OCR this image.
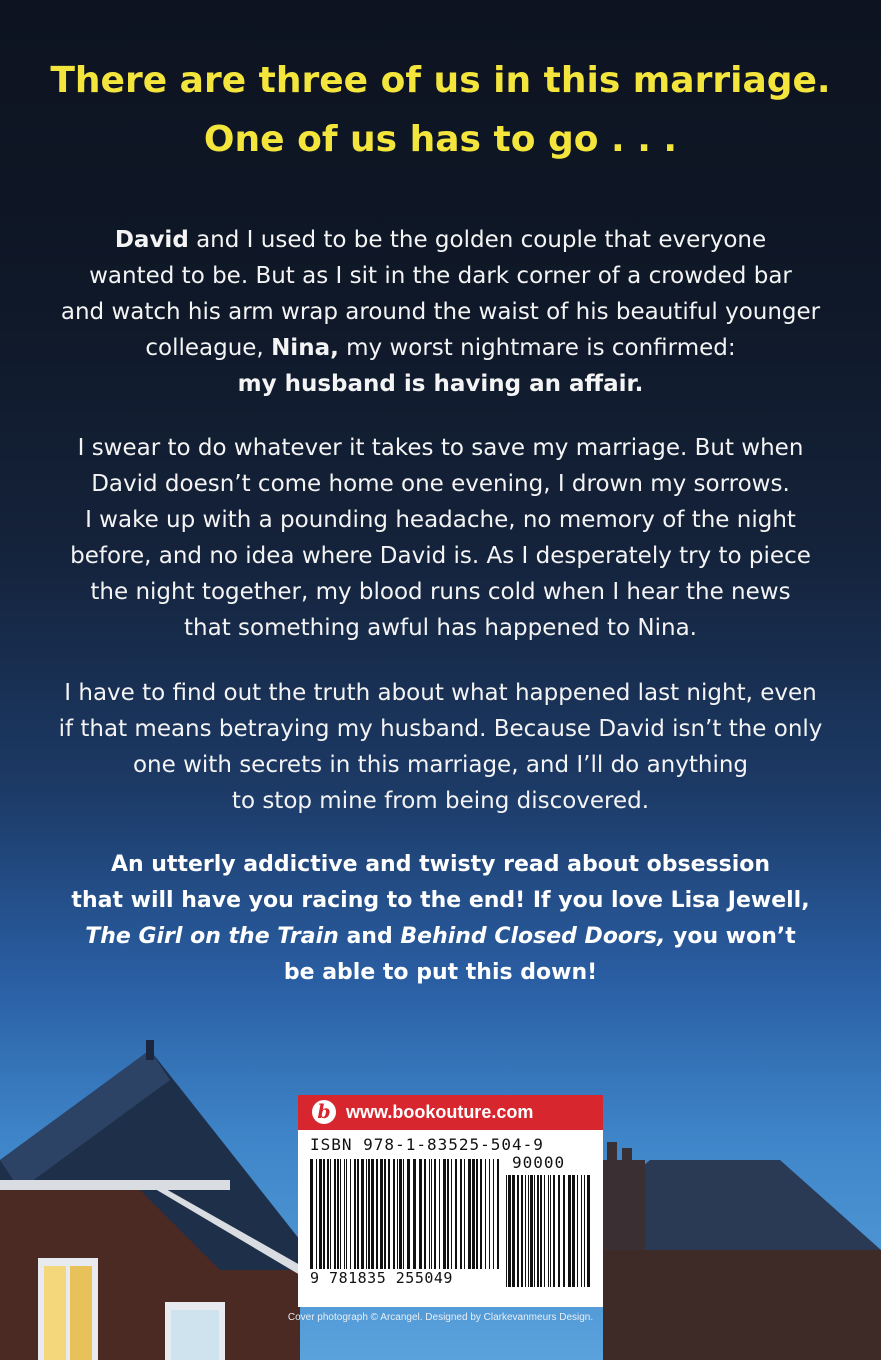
There are three of us in this marriage.
One of us has to go . . .
David and I used to be the golden couple that everyone
wanted to be. But as I sit in the dark corner of a crowded bar
and watch his arm wrap around the waist of his beautiful younger
colleague, Nina, my worst nightmare is confirmed:
my husband is having an affair.
I swear to do whatever it takes to save my marriage. But when
David doesn’t come home one evening, I drown my sorrows.
I wake up with a pounding headache, no memory of the night
before, and no idea where David is. As I desperately try to piece
the night together, my blood runs cold when I hear the news
that something awful has happened to Nina.
I have to find out the truth about what happened last night, even
if that means betraying my husband. Because David isn’t the only
one with secrets in this marriage, and I’ll do anything
to stop mine from being discovered.
An utterly addictive and twisty read about obsession
that will have you racing to the end! If you love Lisa Jewell,
The Girl on the Train and Behind Closed Doors, you won’t
be able to put this down!
b www.bookouture.com
ISBN 978-1-83525-504-9
90000
9 781835 255049
Cover photograph © Arcangel. Designed by Clarkevanmeurs Design.
